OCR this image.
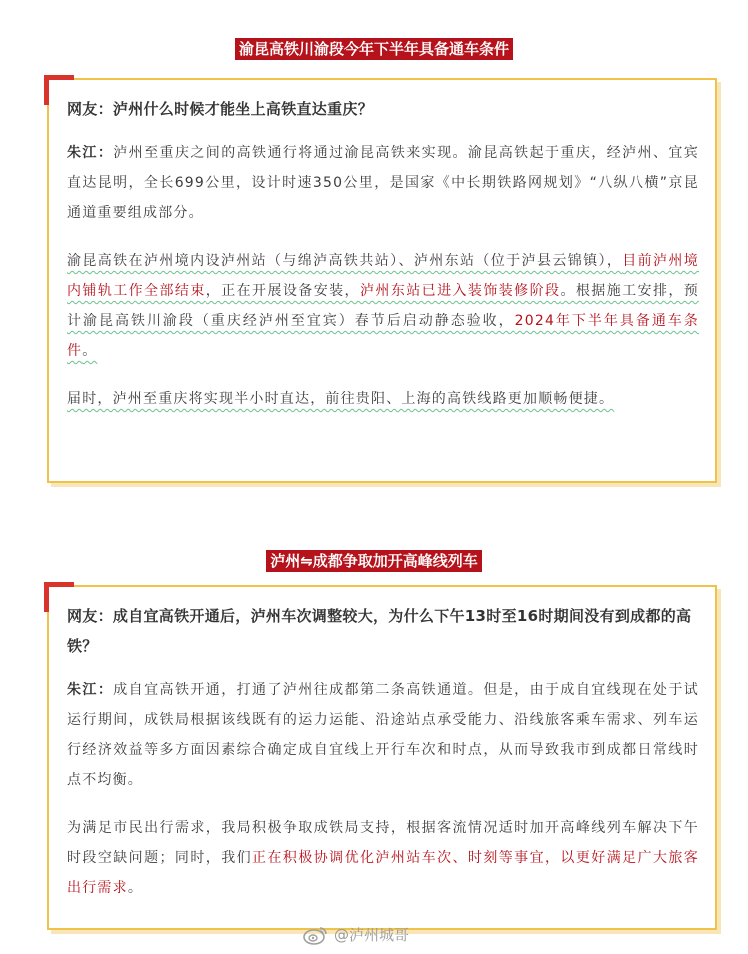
渝昆高铁川渝段今年下半年具备通车条件

网友：泸州什么时候才能坐上高铁直达重庆？

朱江：泸州至重庆之间的高铁通行将通过渝昆高铁来实现。渝昆高铁起于重庆，经泸州、宜宾直达昆明，全长699公里，设计时速350公里，是国家《中长期铁路网规划》“八纵八横”京昆通道重要组成部分。

渝昆高铁在泸州境内设泸州站（与绵泸高铁共站）、泸州东站（位于泸县云锦镇），目前泸州境内铺轨工作全部结束，正在开展设备安装，泸州东站已进入装饰装修阶段。根据施工安排，预计渝昆高铁川渝段（重庆经泸州至宜宾）春节后启动静态验收，2024年下半年具备通车条件。

届时，泸州至重庆将实现半小时直达，前往贵阳、上海的高铁线路更加顺畅便捷。

泸州⇋成都争取加开高峰线列车

网友：成自宜高铁开通后，泸州车次调整较大，为什么下午13时至16时期间没有到成都的高铁？

朱江：成自宜高铁开通，打通了泸州往成都第二条高铁通道。但是，由于成自宜线现在处于试运行期间，成铁局根据该线既有的运力运能、沿途站点承受能力、沿线旅客乘车需求、列车运行经济效益等多方面因素综合确定成自宜线上开行车次和时点，从而导致我市到成都日常线时点不均衡。

为满足市民出行需求，我局积极争取成铁局支持，根据客流情况适时加开高峰线列车解决下午时段空缺问题；同时，我们正在积极协调优化泸州站车次、时刻等事宜，以更好满足广大旅客出行需求。

@泸州城哥
